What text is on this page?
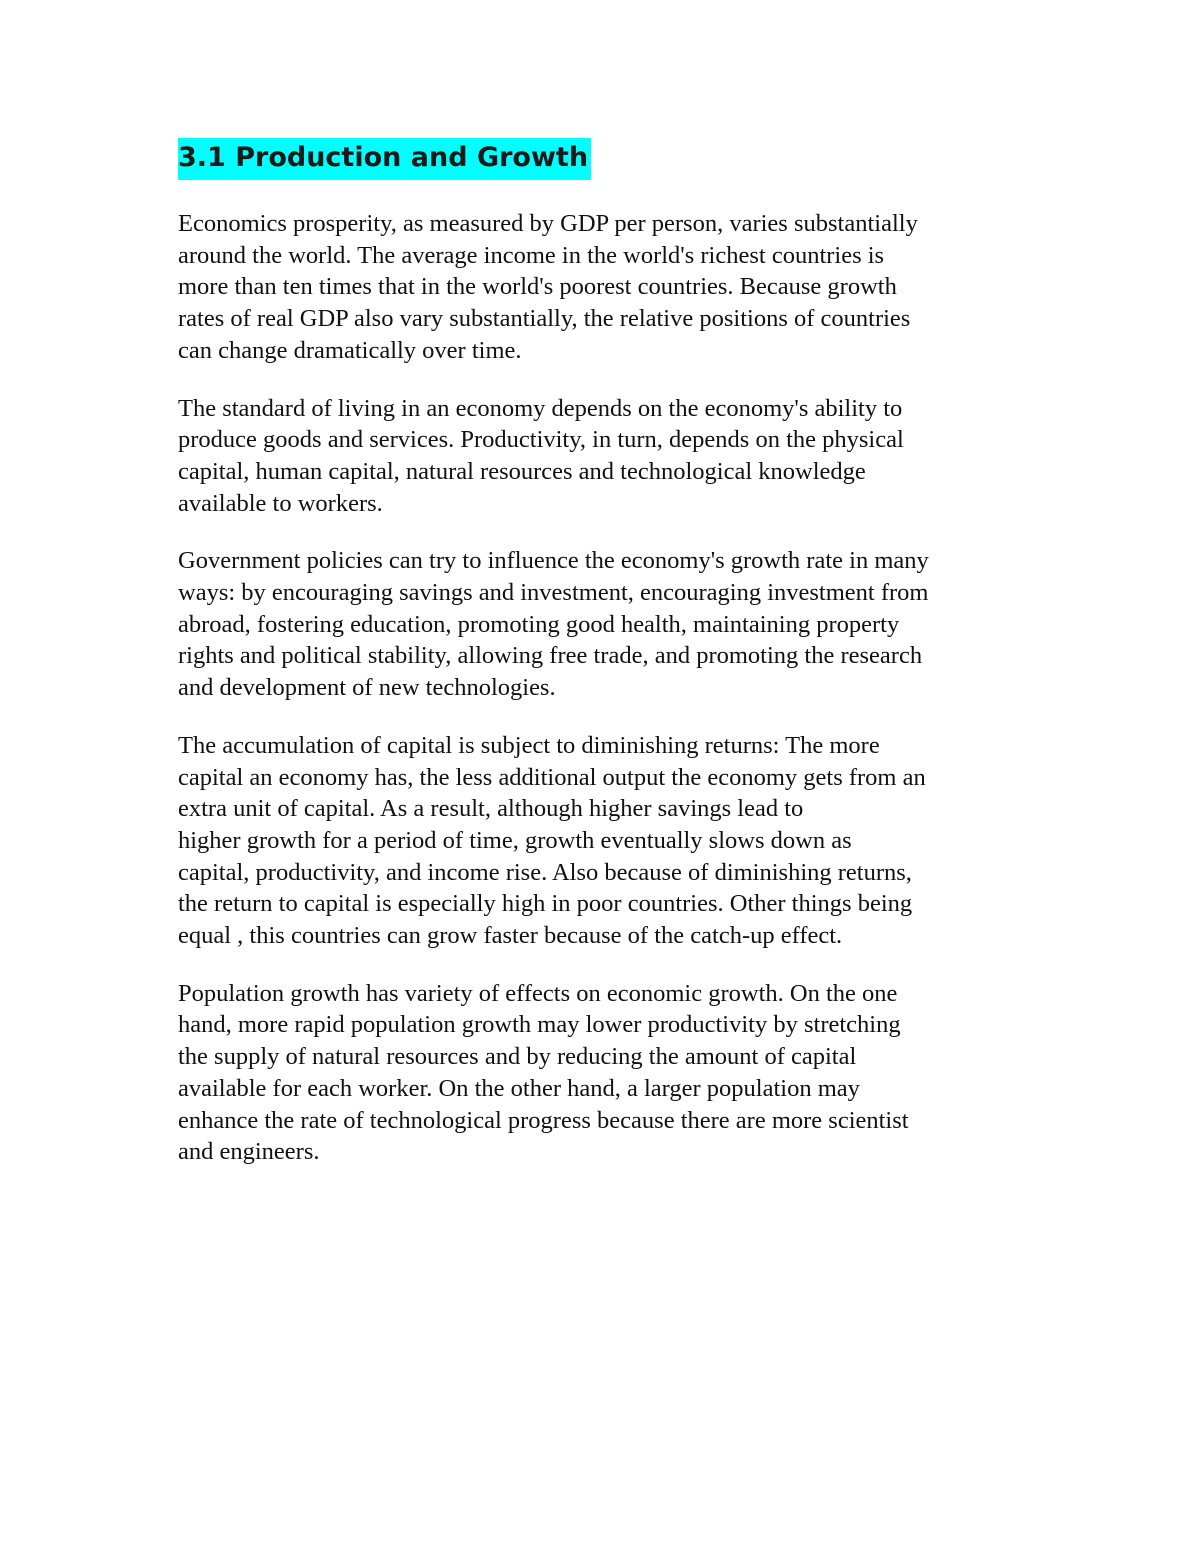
3.1 Production and Growth

Economics prosperity, as measured by GDP per person, varies substantially
around the world. The average income in the world's richest countries is
more than ten times that in the world's poorest countries. Because growth
rates of real GDP also vary substantially, the relative positions of countries
can change dramatically over time.

The standard of living in an economy depends on the economy's ability to
produce goods and services. Productivity, in turn, depends on the physical
capital, human capital, natural resources and technological knowledge
available to workers.

Government policies can try to influence the economy's growth rate in many
ways: by encouraging savings and investment, encouraging investment from
abroad, fostering education, promoting good health, maintaining property
rights and political stability, allowing free trade, and promoting the research
and development of new technologies.

The accumulation of capital is subject to diminishing returns: The more
capital an economy has, the less additional output the economy gets from an
extra unit of capital. As a result, although higher savings lead to
higher growth for a period of time, growth eventually slows down as
capital, productivity, and income rise. Also because of diminishing returns,
the return to capital is especially high in poor countries. Other things being
equal , this countries can grow faster because of the catch-up effect.

Population growth has variety of effects on economic growth. On the one
hand, more rapid population growth may lower productivity by stretching
the supply of natural resources and by reducing the amount of capital
available for each worker. On the other hand, a larger population may
enhance the rate of technological progress because there are more scientist
and engineers.
